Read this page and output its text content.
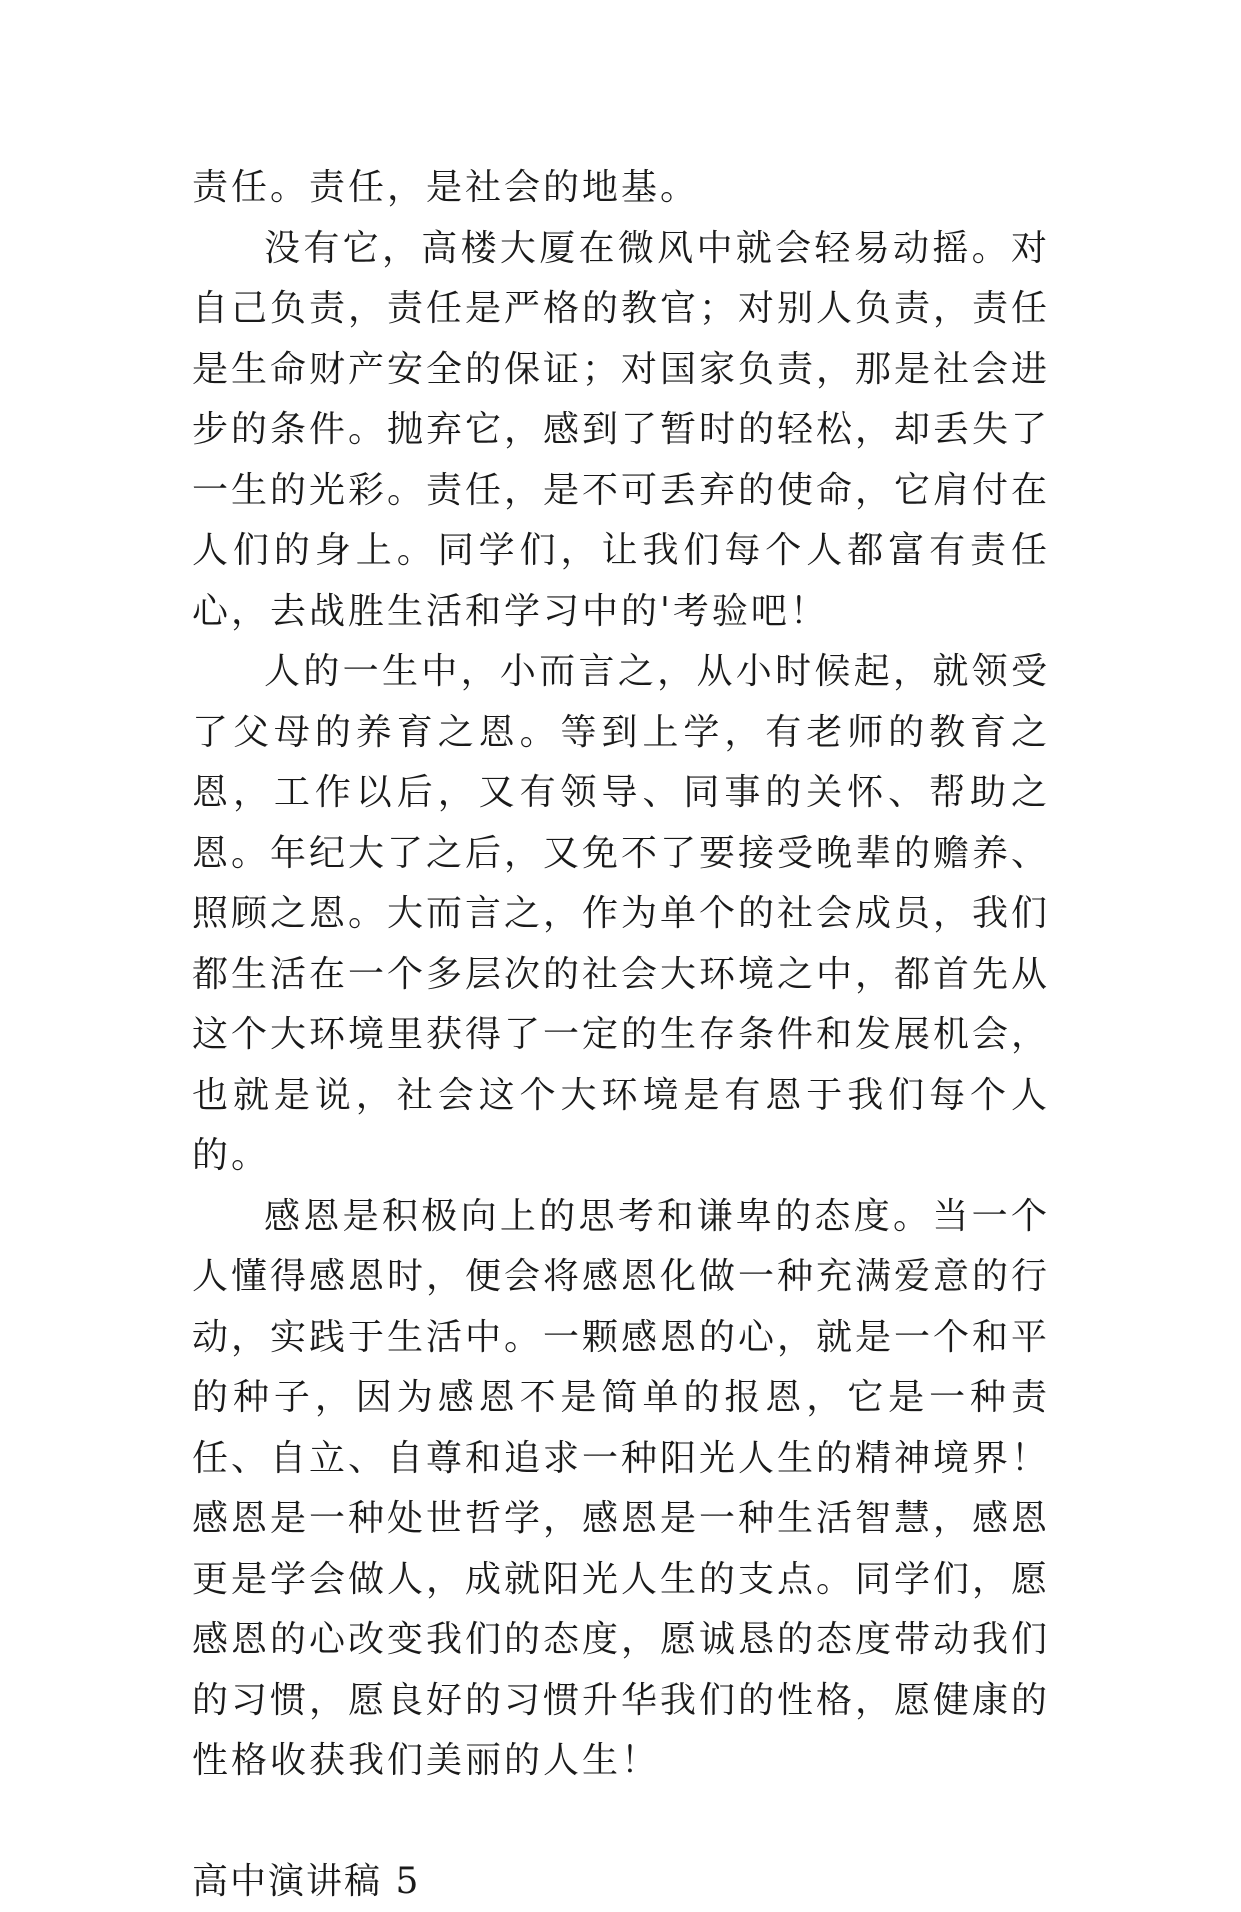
责任。责任，是社会的地基。

没有它，高楼大厦在微风中就会轻易动摇。对自己负责，责任是严格的教官；对别人负责，责任是生命财产安全的保证；对国家负责，那是社会进步的条件。抛弃它，感到了暂时的轻松，却丢失了一生的光彩。责任，是不可丢弃的使命，它肩付在人们的身上。同学们，让我们每个人都富有责任心，去战胜生活和学习中的'考验吧！

人的一生中，小而言之，从小时候起，就领受了父母的养育之恩。等到上学，有老师的教育之恩，工作以后，又有领导、同事的关怀、帮助之恩。年纪大了之后，又免不了要接受晚辈的赡养、照顾之恩。大而言之，作为单个的社会成员，我们都生活在一个多层次的社会大环境之中，都首先从这个大环境里获得了一定的生存条件和发展机会，也就是说，社会这个大环境是有恩于我们每个人的。

感恩是积极向上的思考和谦卑的态度。当一个人懂得感恩时，便会将感恩化做一种充满爱意的行动，实践于生活中。一颗感恩的心，就是一个和平的种子，因为感恩不是简单的报恩，它是一种责任、自立、自尊和追求一种阳光人生的精神境界！感恩是一种处世哲学，感恩是一种生活智慧，感恩更是学会做人，成就阳光人生的支点。同学们，愿感恩的心改变我们的态度，愿诚恳的态度带动我们的习惯，愿良好的习惯升华我们的性格，愿健康的性格收获我们美丽的人生！

高中演讲稿 5
